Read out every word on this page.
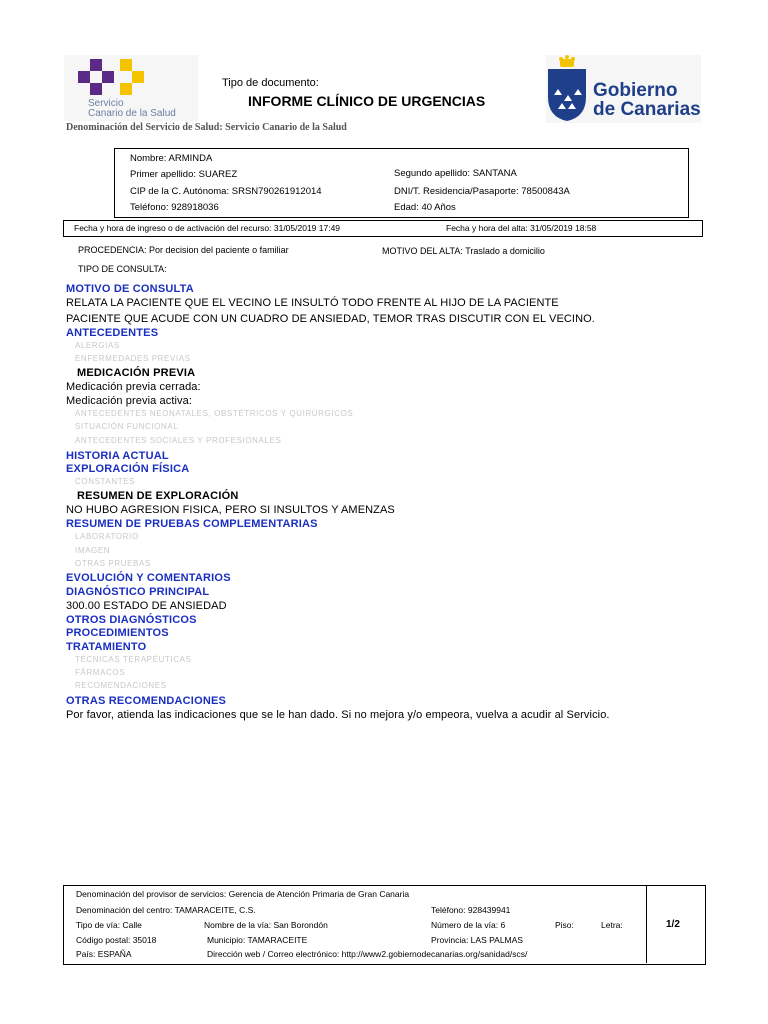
Servicio
Canario de la Salud
Gobierno
de Canarias
Tipo de documento:
INFORME CLÍNICO DE URGENCIAS
Denominación del Servicio de Salud: Servicio Canario de la Salud
Nombre: ARMINDA
Primer apellido: SUAREZ	Segundo apellido: SANTANA
CIP de la C. Autónoma: SRSN790261912014	DNI/T. Residencia/Pasaporte: 78500843A
Teléfono: 928918036	Edad: 40 Años
Fecha y hora de ingreso o de activación del recurso: 31/05/2019 17:49	Fecha y hora del alta: 31/05/2019 18:58
PROCEDENCIA: Por decision del paciente o familiar	MOTIVO DEL ALTA: Traslado a domicilio
TIPO DE CONSULTA:
MOTIVO DE CONSULTA
RELATA LA PACIENTE QUE EL VECINO LE INSULTÓ TODO FRENTE AL HIJO DE LA PACIENTE
PACIENTE QUE ACUDE CON UN CUADRO DE ANSIEDAD, TEMOR TRAS DISCUTIR CON EL VECINO.
ANTECEDENTES
ALERGIAS
ENFERMEDADES PREVIAS
MEDICACIÓN PREVIA
Medicación previa cerrada:
Medicación previa activa:
ANTECEDENTES NEONATALES, OBSTÉTRICOS Y QUIRÚRGICOS
SITUACIÓN FUNCIONAL
ANTECEDENTES SOCIALES Y PROFESIONALES
HISTORIA ACTUAL
EXPLORACIÓN FÍSICA
CONSTANTES
RESUMEN DE EXPLORACIÓN
NO HUBO AGRESION FISICA, PERO SI INSULTOS Y AMENZAS
RESUMEN DE PRUEBAS COMPLEMENTARIAS
LABORATORIO
IMAGEN
OTRAS PRUEBAS
EVOLUCIÓN Y COMENTARIOS
DIAGNÓSTICO PRINCIPAL
300.00 ESTADO DE ANSIEDAD
OTROS DIAGNÓSTICOS
PROCEDIMIENTOS
TRATAMIENTO
TÉCNICAS TERAPÉUTICAS
FÁRMACOS
RECOMENDACIONES
OTRAS RECOMENDACIONES
Por favor, atienda las indicaciones que se le han dado. Si no mejora y/o empeora, vuelva a acudir al Servicio.
Denominación del provisor de servicios: Gerencia de Atención Primaria de Gran Canaria
Denominación del centro: TAMARACEITE, C.S.	Teléfono: 928439941
Tipo de vía: Calle	Nombre de la vía: San Borondón	Número de la vía: 6	Piso:	Letra:	1/2
Código postal: 35018	Municipio: TAMARACEITE	Provincia: LAS PALMAS
País: ESPAÑA	Dirección web / Correo electrónico: http://www2.gobiernodecanarias.org/sanidad/scs/
